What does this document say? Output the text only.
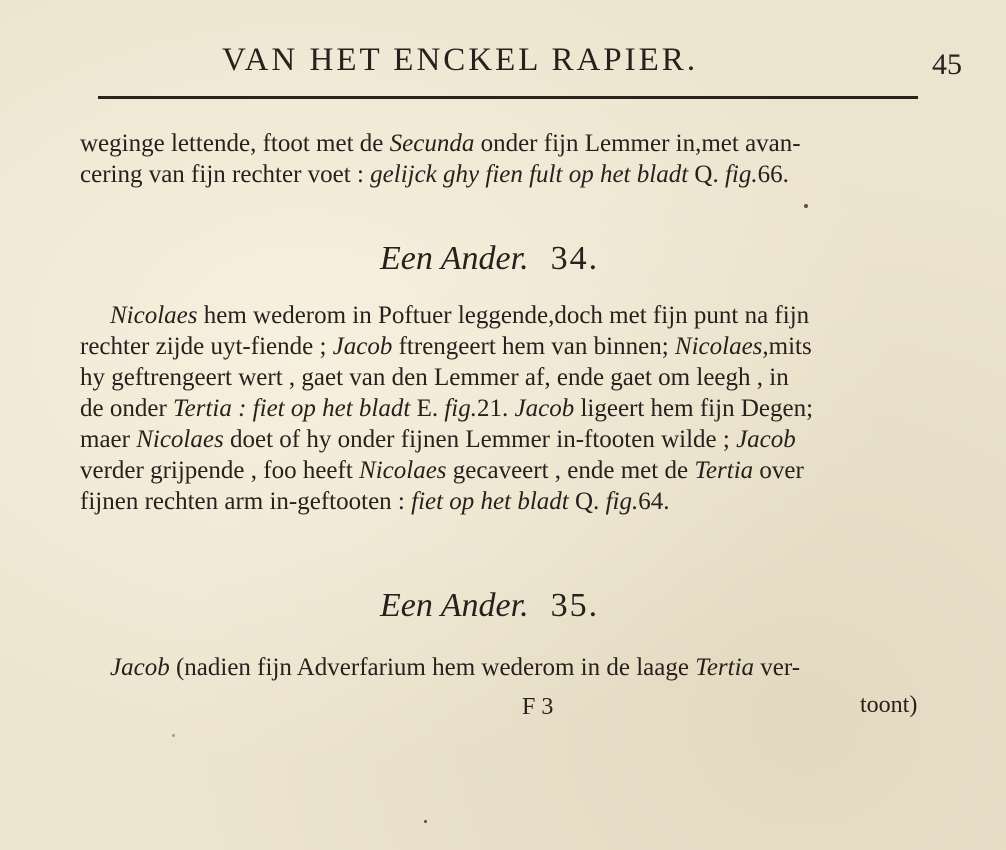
VAN HET ENCKEL RAPIER.	45
weginge lettende, ftoot met de Secunda onder fijn Lemmer in,met avan-
cering van fijn rechter voet : gelijck ghy fien fult op het bladt Q. fig.66.
Een Ander. 34.
Nicolaes hem wederom in Poftuer leggende,doch met fijn punt na fijn
rechter zijde uyt-fiende ; Jacob ftrengeert hem van binnen; Nicolaes,mits
hy geftrengeert wert , gaet van den Lemmer af, ende gaet om leegh , in
de onder Tertia : fiet op het bladt E. fig.21. Jacob ligeert hem fijn Degen;
maer Nicolaes doet of hy onder fijnen Lemmer in-ftooten wilde ; Jacob
verder grijpende , foo heeft Nicolaes gecaveert , ende met de Tertia over
fijnen rechten arm in-geftooten : fiet op het bladt Q. fig.64.
Een Ander. 35.
Jacob (nadien fijn Adverfarium hem wederom in de laage Tertia ver-
F 3	toont)
